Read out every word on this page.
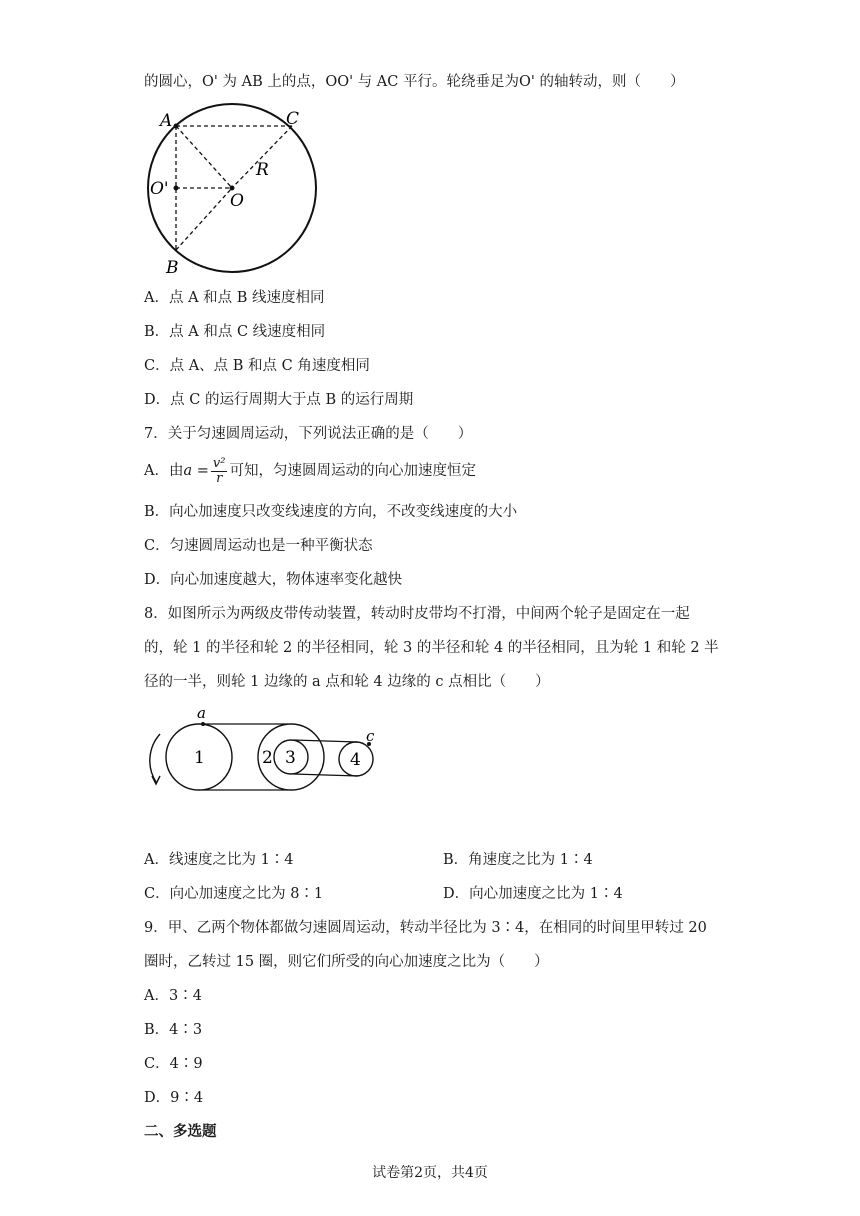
的圆心，O' 为 AB 上的点，OO' 与 AC 平行。轮绕垂足为O' 的轴转动，则（　　）
A	C
R
O'
O
B
A．点 A 和点 B 线速度相同
B．点 A 和点 C 线速度相同
C．点 A、点 B 和点 C 角速度相同
D．点 C 的运行周期大于点 B 的运行周期
7．关于匀速圆周运动，下列说法正确的是（　　）
A．由$a = \frac{\text{v²}}{r}$ 可知，匀速圆周运动的向心加速度恒定
B．向心加速度只改变线速度的方向，不改变线速度的大小
C．匀速圆周运动也是一种平衡状态
D．向心加速度越大，物体速率变化越快
8．如图所示为两级皮带传动装置，转动时皮带均不打滑，中间两个轮子是固定在一起
的，轮 1 的半径和轮 2 的半径相同，轮 3 的半径和轮 4 的半径相同，且为轮 1 和轮 2 半
径的一半，则轮 1 边缘的 a 点和轮 4 边缘的 c 点相比（　　）
a
c
1	2 3	4
A．线速度之比为 1∶4	B．角速度之比为 1∶4
C．向心加速度之比为 8∶1	D．向心加速度之比为 1∶4
9．甲、乙两个物体都做匀速圆周运动，转动半径比为 3∶4，在相同的时间里甲转过 20
圈时，乙转过 15 圈，则它们所受的向心加速度之比为（　　）
A．3∶4
B．4∶3
C．4∶9
D．9∶4
二、多选题
试卷第2页，共4页
